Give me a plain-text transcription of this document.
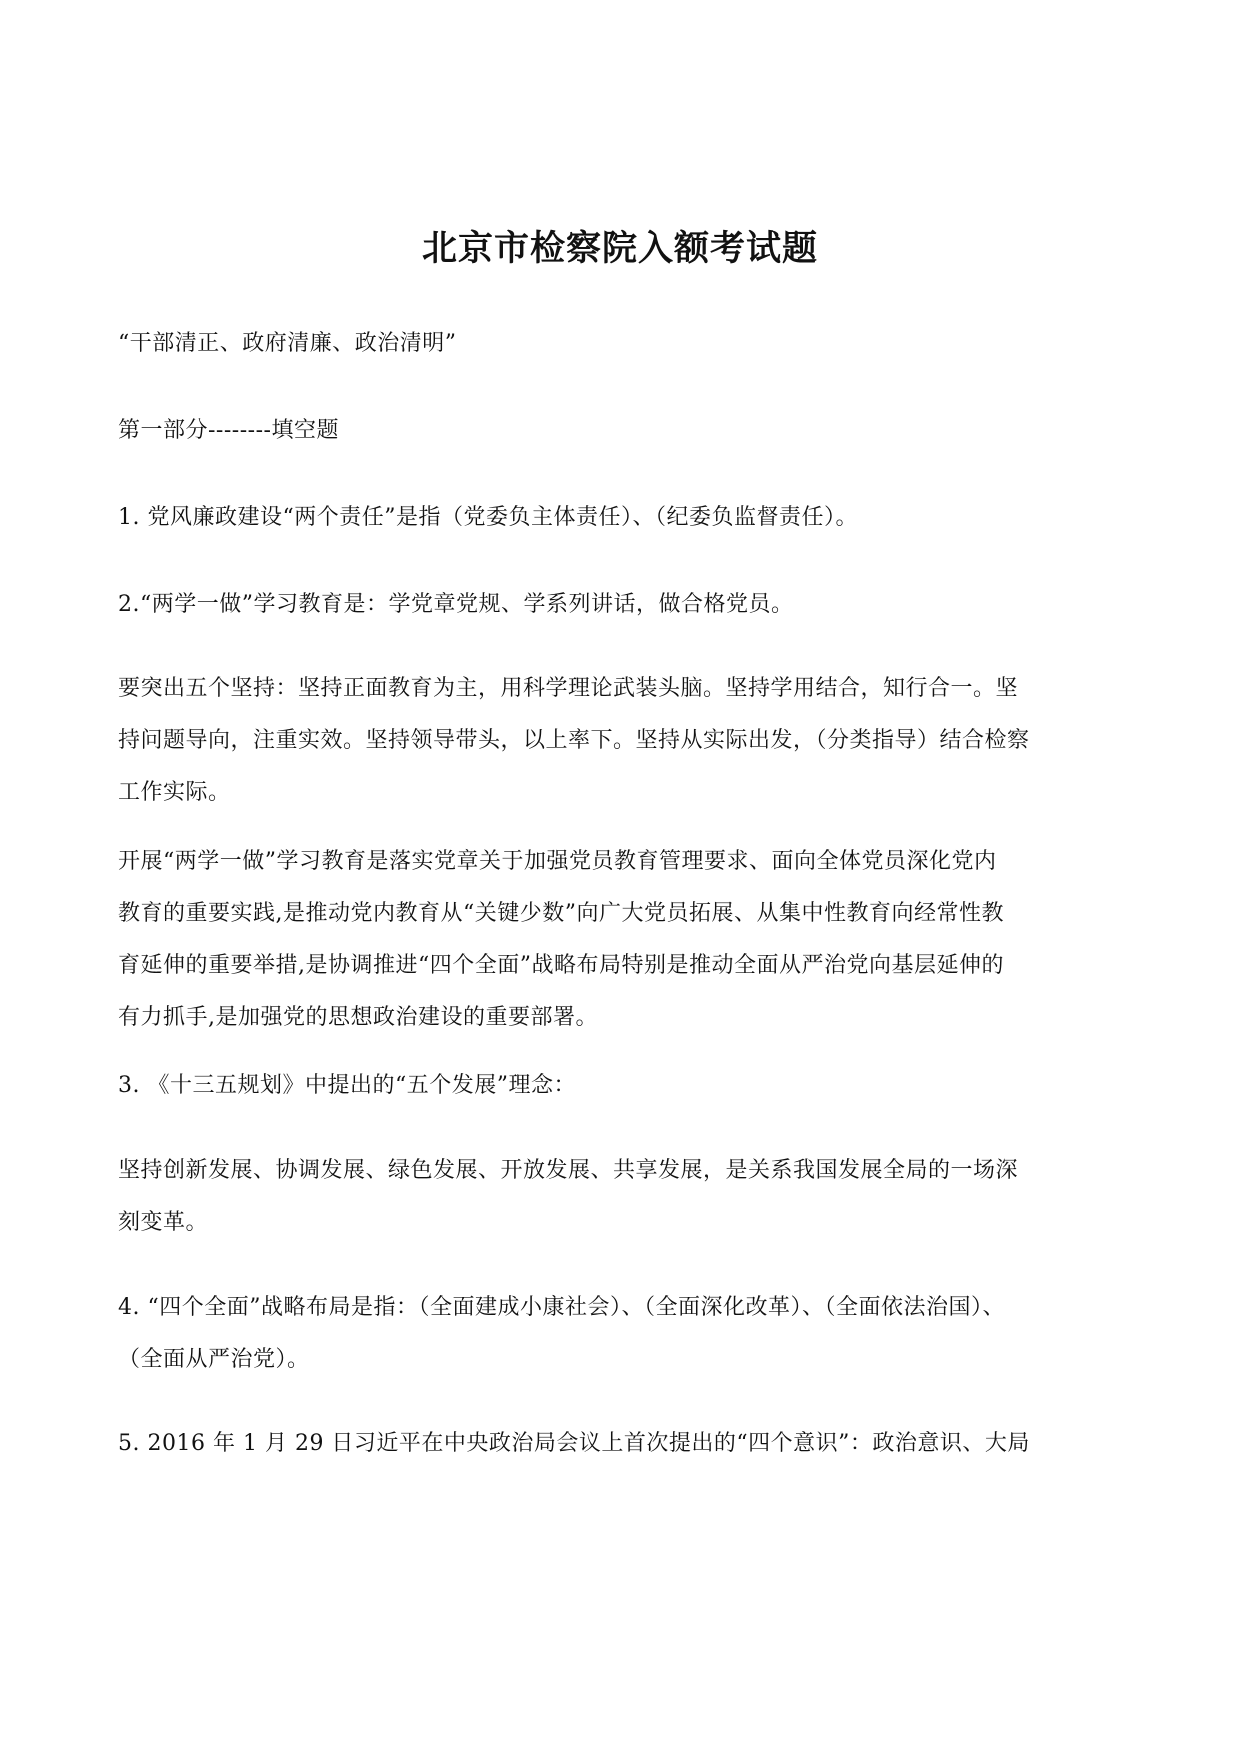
北京市检察院入额考试题
“干部清正、政府清廉、政治清明”
第一部分--------填空题
1. 党风廉政建设“两个责任”是指（党委负主体责任）、（纪委负监督责任）。
2.“两学一做”学习教育是：学党章党规、学系列讲话，做合格党员。
要突出五个坚持：坚持正面教育为主，用科学理论武装头脑。坚持学用结合，知行合一。坚
持问题导向，注重实效。坚持领导带头，以上率下。坚持从实际出发，（分类指导）结合检察
工作实际。
开展“两学一做”学习教育是落实党章关于加强党员教育管理要求、面向全体党员深化党内
教育的重要实践,是推动党内教育从“关键少数”向广大党员拓展、从集中性教育向经常性教
育延伸的重要举措,是协调推进“四个全面”战略布局特别是推动全面从严治党向基层延伸的
有力抓手,是加强党的思想政治建设的重要部署。
3. 《十三五规划》中提出的“五个发展”理念：
坚持创新发展、协调发展、绿色发展、开放发展、共享发展，是关系我国发展全局的一场深
刻变革。
4. “四个全面”战略布局是指：（全面建成小康社会）、（全面深化改革）、（全面依法治国）、
（全面从严治党）。
5. 2016 年 1 月 29 日习近平在中央政治局会议上首次提出的“四个意识”：政治意识、大局
